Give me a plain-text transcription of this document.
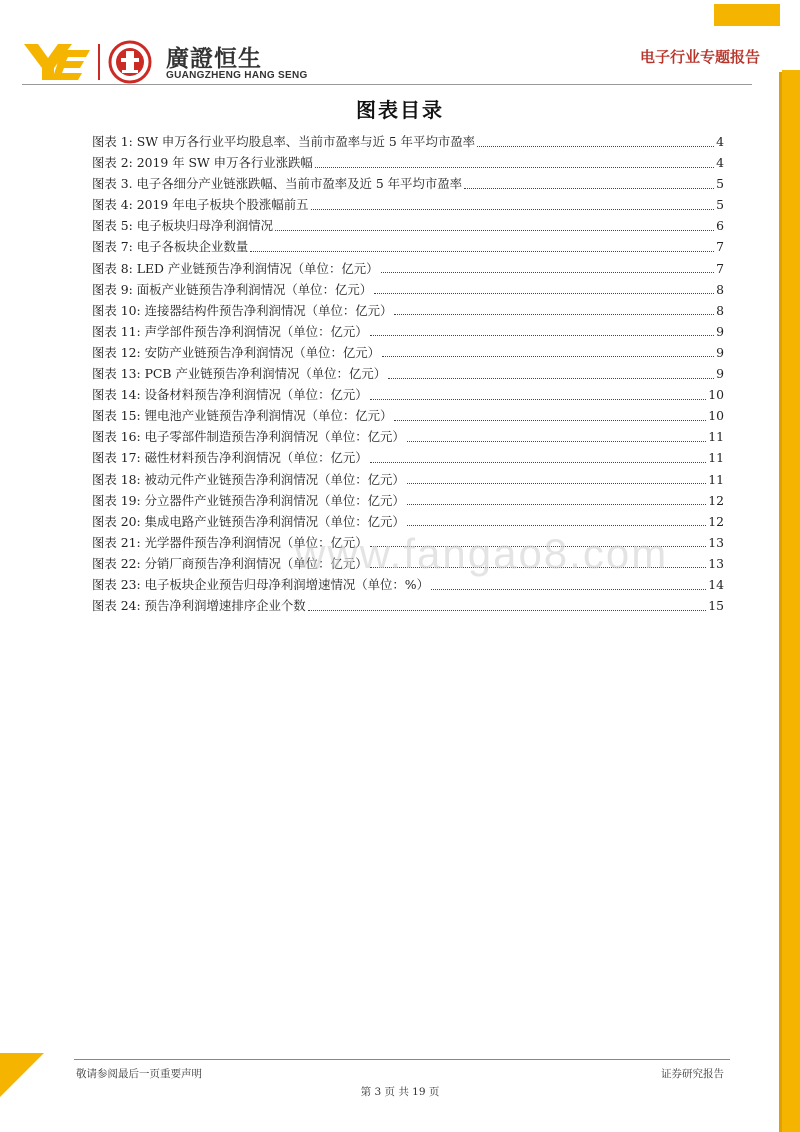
廣證恒生
GUANGZHENG HANG SENG
电子行业专题报告
图表目录
图表 1: SW 申万各行业平均股息率、当前市盈率与近 5 年平均市盈率	4
图表 2: 2019 年 SW 申万各行业涨跌幅	4
图表 3. 电子各细分产业链涨跌幅、当前市盈率及近 5 年平均市盈率	5
图表 4: 2019 年电子板块个股涨幅前五	5
图表 5: 电子板块归母净利润情况	6
图表 7: 电子各板块企业数量	7
图表 8: LED 产业链预告净利润情况（单位：亿元）	7
图表 9: 面板产业链预告净利润情况（单位：亿元）	8
图表 10: 连接器结构件预告净利润情况（单位：亿元）	8
图表 11: 声学部件预告净利润情况（单位：亿元）	9
图表 12: 安防产业链预告净利润情况（单位：亿元）	9
图表 13: PCB 产业链预告净利润情况（单位：亿元）	9
图表 14: 设备材料预告净利润情况（单位：亿元）	10
图表 15: 锂电池产业链预告净利润情况（单位：亿元）	10
图表 16: 电子零部件制造预告净利润情况（单位：亿元）	11
图表 17: 磁性材料预告净利润情况（单位：亿元）	11
图表 18: 被动元件产业链预告净利润情况（单位：亿元）	11
图表 19: 分立器件产业链预告净利润情况（单位：亿元）	12
图表 20: 集成电路产业链预告净利润情况（单位：亿元）	12
图表 21: 光学器件预告净利润情况（单位：亿元）	13
图表 22: 分销厂商预告净利润情况（单位：亿元）	13
图表 23: 电子板块企业预告归母净利润增速情况（单位：%）	14
图表 24: 预告净利润增速排序企业个数	15
www.fangao8.com
敬请参阅最后一页重要声明	证券研究报告
第 3 页 共 19 页
